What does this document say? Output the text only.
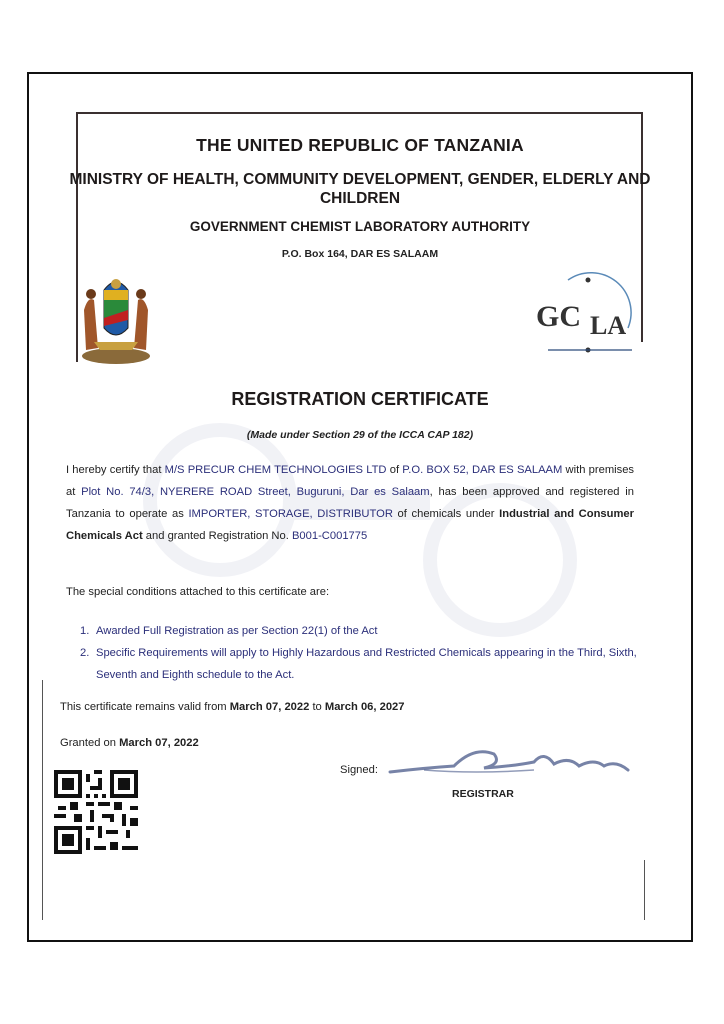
THE UNITED REPUBLIC OF TANZANIA
MINISTRY OF HEALTH, COMMUNITY DEVELOPMENT, GENDER, ELDERLY AND CHILDREN
GOVERNMENT CHEMIST LABORATORY AUTHORITY
P.O. Box 164, DAR ES SALAAM
GC LA
REGISTRATION CERTIFICATE
(Made under Section 29 of the ICCA CAP 182)
I hereby certify that M/S PRECUR CHEM TECHNOLOGIES LTD of P.O. BOX 52, DAR ES SALAAM with premises at Plot No. 74/3, NYERERE ROAD Street, Buguruni, Dar es Salaam, has been approved and registered in Tanzania to operate as IMPORTER, STORAGE, DISTRIBUTOR of chemicals under Industrial and Consumer Chemicals Act and granted Registration No. B001-C001775
The special conditions attached to this certificate are:
1. Awarded Full Registration as per Section 22(1) of the Act
2. Specific Requirements will apply to Highly Hazardous and Restricted Chemicals appearing in the Third, Sixth, Seventh and Eighth schedule to the Act.
This certificate remains valid from March 07, 2022 to March 06, 2027
Granted on March 07, 2022
Signed:
REGISTRAR
